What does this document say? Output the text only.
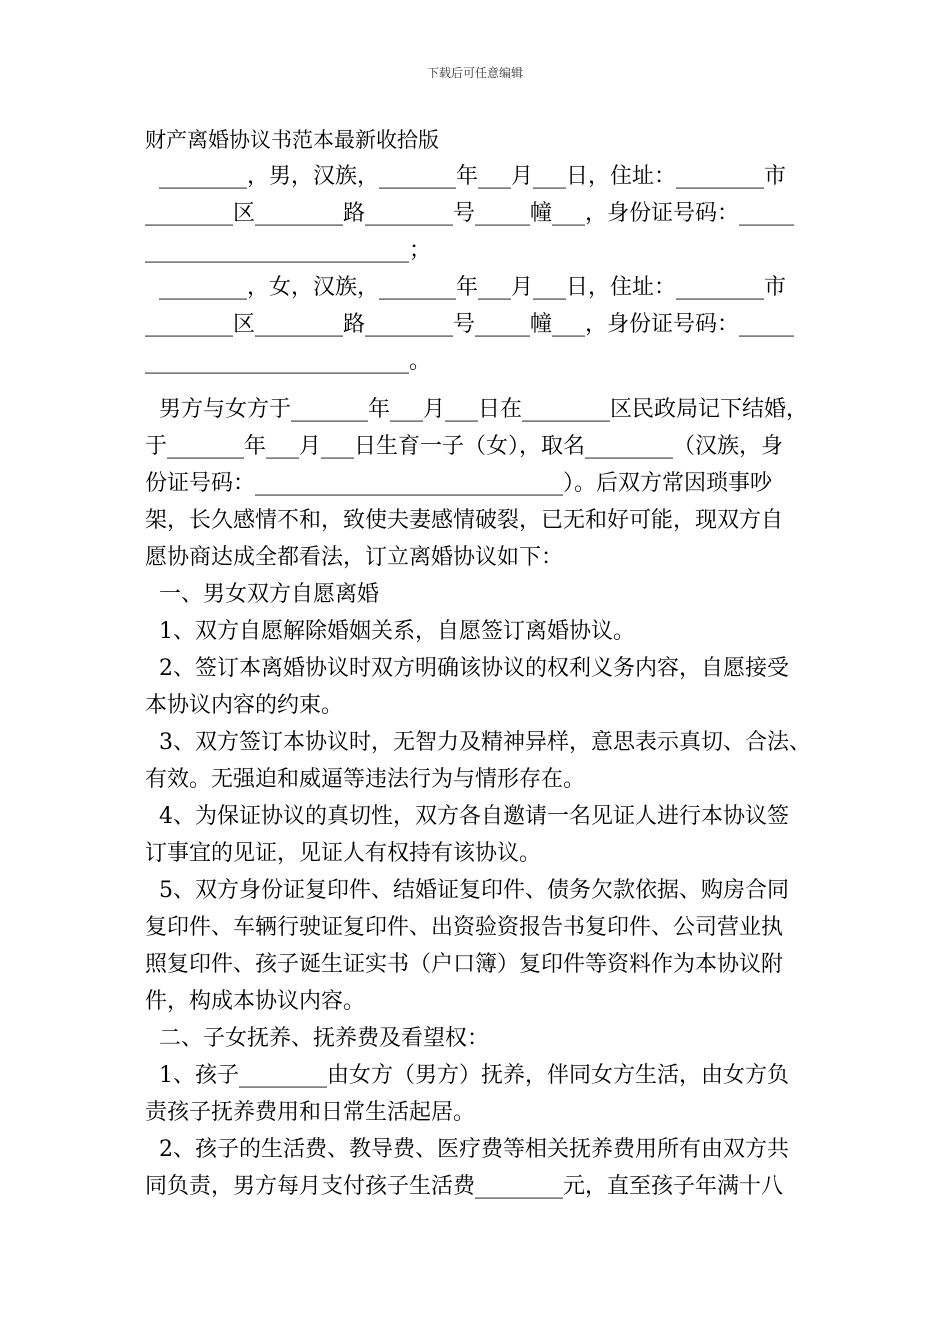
下载后可任意编辑
财产离婚协议书范本最新收拾版
________，男，汉族，_______年___月___日，住址：________市
________区________路________号_____幢___，身份证号码：_____
________________________；
________，女，汉族，_______年___月___日，住址：________市
________区________路________号_____幢___，身份证号码：_____
________________________。
男方与女方于_______年___月___日在________区民政局记下结婚，
于_______年___月___日生育一子（女），取名________（汉族，身
份证号码：____________________________）。后双方常因琐事吵
架，长久感情不和，致使夫妻感情破裂，已无和好可能，现双方自
愿协商达成全都看法，订立离婚协议如下：
一、男女双方自愿离婚
1、双方自愿解除婚姻关系，自愿签订离婚协议。
2、签订本离婚协议时双方明确该协议的权利义务内容，自愿接受
本协议内容的约束。
3、双方签订本协议时，无智力及精神异样，意思表示真切、合法、
有效。无强迫和威逼等违法行为与情形存在。
4、为保证协议的真切性，双方各自邀请一名见证人进行本协议签
订事宜的见证，见证人有权持有该协议。
5、双方身份证复印件、结婚证复印件、债务欠款依据、购房合同
复印件、车辆行驶证复印件、出资验资报告书复印件、公司营业执
照复印件、孩子诞生证实书（户口簿）复印件等资料作为本协议附
件，构成本协议内容。
二、子女抚养、抚养费及看望权：
1、孩子________由女方（男方）抚养，伴同女方生活，由女方负
责孩子抚养费用和日常生活起居。
2、孩子的生活费、教导费、医疗费等相关抚养费用所有由双方共
同负责，男方每月支付孩子生活费________元，直至孩子年满十八
